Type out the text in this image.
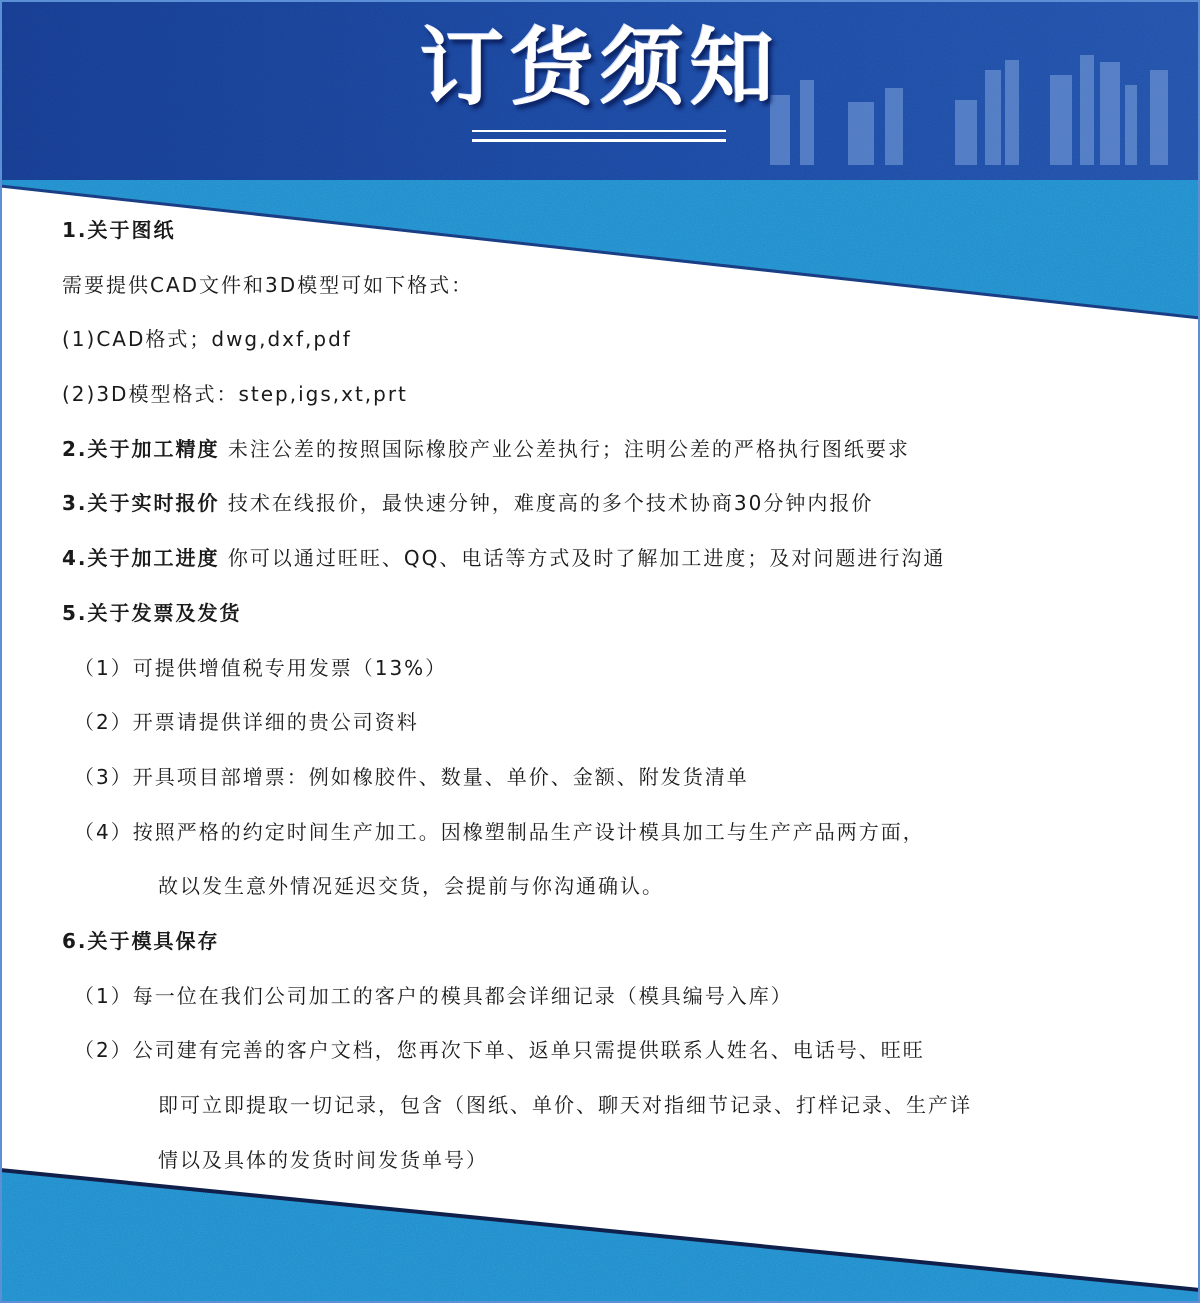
订货须知
1.关于图纸
需要提供CAD文件和3D模型可如下格式：
(1)CAD格式；dwg,dxf,pdf
(2)3D模型格式：step,igs,xt,prt
2.关于加工精度 未注公差的按照国际橡胶产业公差执行；注明公差的严格执行图纸要求
3.关于实时报价 技术在线报价，最快速分钟，难度高的多个技术协商30分钟内报价
4.关于加工进度 你可以通过旺旺、QQ、电话等方式及时了解加工进度；及对问题进行沟通
5.关于发票及发货
（1）可提供增值税专用发票（13%）
（2）开票请提供详细的贵公司资料
（3）开具项目部增票：例如橡胶件、数量、单价、金额、附发货清单
（4）按照严格的约定时间生产加工。因橡塑制品生产设计模具加工与生产产品两方面，
故以发生意外情况延迟交货，会提前与你沟通确认。
6.关于模具保存
（1）每一位在我们公司加工的客户的模具都会详细记录（模具编号入库）
（2）公司建有完善的客户文档，您再次下单、返单只需提供联系人姓名、电话号、旺旺
即可立即提取一切记录，包含（图纸、单价、聊天对指细节记录、打样记录、生产详
情以及具体的发货时间发货单号）
